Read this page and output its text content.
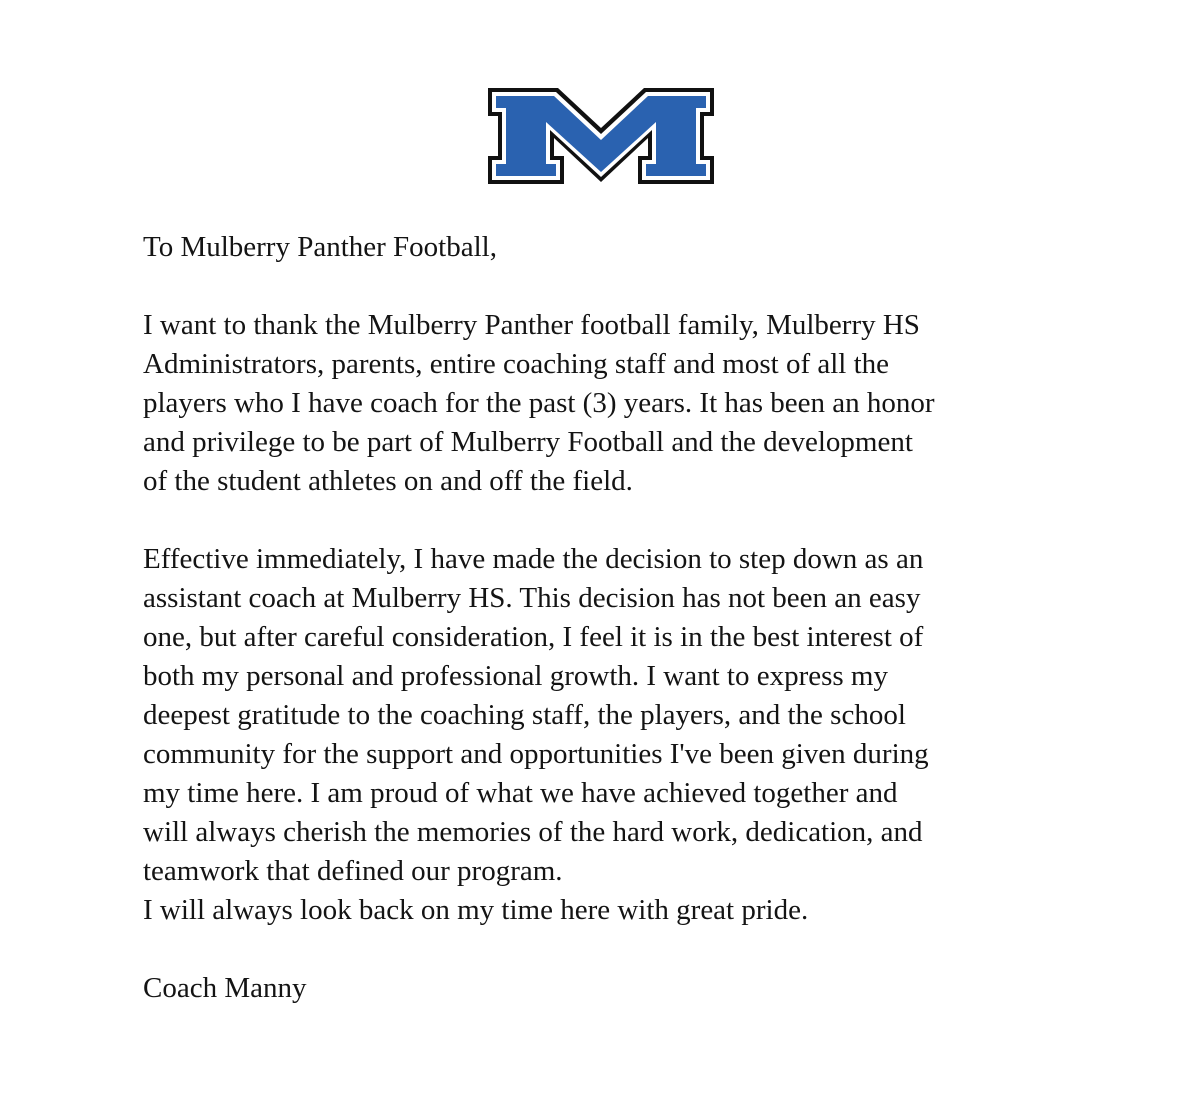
To Mulberry Panther Football,

I want to thank the Mulberry Panther football family, Mulberry HS
Administrators, parents, entire coaching staff and most of all the
players who I have coach for the past (3) years. It has been an honor
and privilege to be part of Mulberry Football and the development
of the student athletes on and off the field.

Effective immediately, I have made the decision to step down as an
assistant coach at Mulberry HS. This decision has not been an easy
one, but after careful consideration, I feel it is in the best interest of
both my personal and professional growth. I want to express my
deepest gratitude to the coaching staff, the players, and the school
community for the support and opportunities I've been given during
my time here. I am proud of what we have achieved together and
will always cherish the memories of the hard work, dedication, and
teamwork that defined our program.
I will always look back on my time here with great pride.

Coach Manny
